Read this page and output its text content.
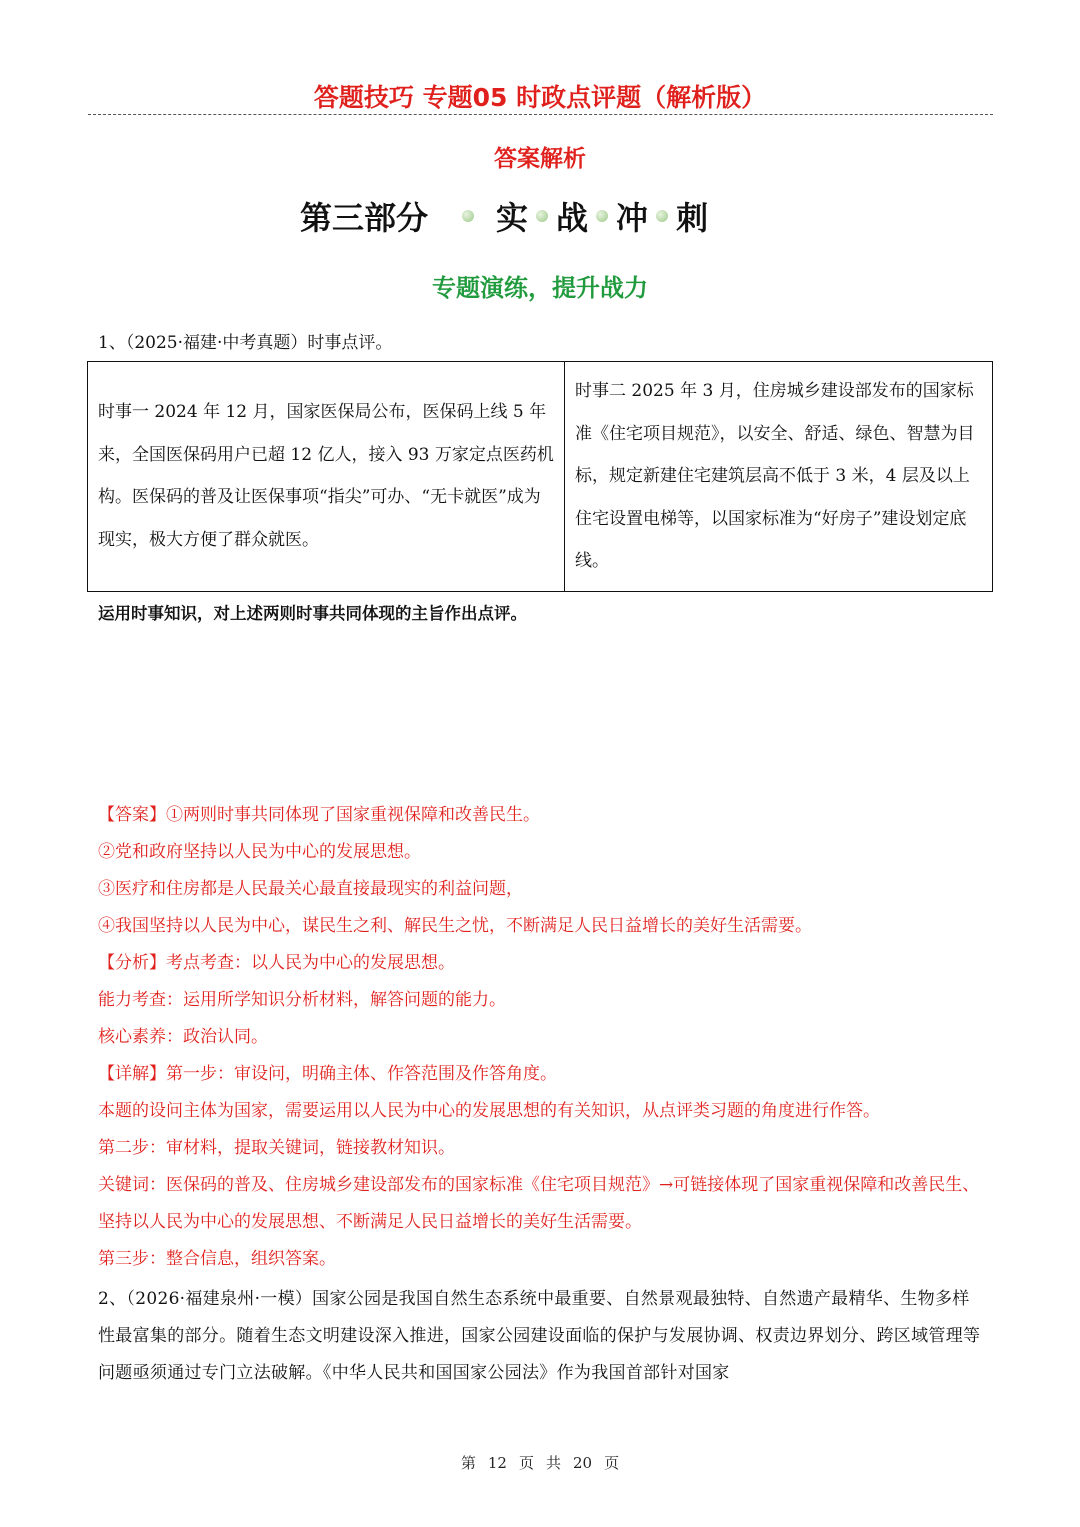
答题技巧 专题05 时政点评题（解析版）
答案解析
第三部分 实 战 冲 刺
专题演练，提升战力
1、（2025·福建·中考真题）时事点评。
时事一 2024 年 12 月，国家医保局公布，医保码上线 5 年来，全国医保码用户已超 12 亿人，接入 93 万家定点医药机构。医保码的普及让医保事项“指尖”可办、“无卡就医”成为现实，极大方便了群众就医。	时事二 2025 年 3 月，住房城乡建设部发布的国家标准《住宅项目规范》，以安全、舒适、绿色、智慧为目标，规定新建住宅建筑层高不低于 3 米，4 层及以上住宅设置电梯等，以国家标准为“好房子”建设划定底线。
运用时事知识，对上述两则时事共同体现的主旨作出点评。

【答案】①两则时事共同体现了国家重视保障和改善民生。

②党和政府坚持以人民为中心的发展思想。

③医疗和住房都是人民最关心最直接最现实的利益问题，

④我国坚持以人民为中心，谋民生之利、解民生之忧，不断满足人民日益增长的美好生活需要。

【分析】考点考查：以人民为中心的发展思想。

能力考查：运用所学知识分析材料，解答问题的能力。

核心素养：政治认同。

【详解】第一步：审设问，明确主体、作答范围及作答角度。

本题的设问主体为国家，需要运用以人民为中心的发展思想的有关知识，从点评类习题的角度进行作答。

第二步：审材料，提取关键词，链接教材知识。

关键词：医保码的普及、住房城乡建设部发布的国家标准《住宅项目规范》→可链接体现了国家重视保障和改善民生、坚持以人民为中心的发展思想、不断满足人民日益增长的美好生活需要。

第三步：整合信息，组织答案。

2、（2026·福建泉州·一模）国家公园是我国自然生态系统中最重要、自然景观最独特、自然遗产最精华、生物多样性最富集的部分。随着生态文明建设深入推进，国家公园建设面临的保护与发展协调、权责边界划分、跨区域管理等问题亟须通过专门立法破解。《中华人民共和国国家公园法》作为我国首部针对国家
第 12 页 共 20 页
